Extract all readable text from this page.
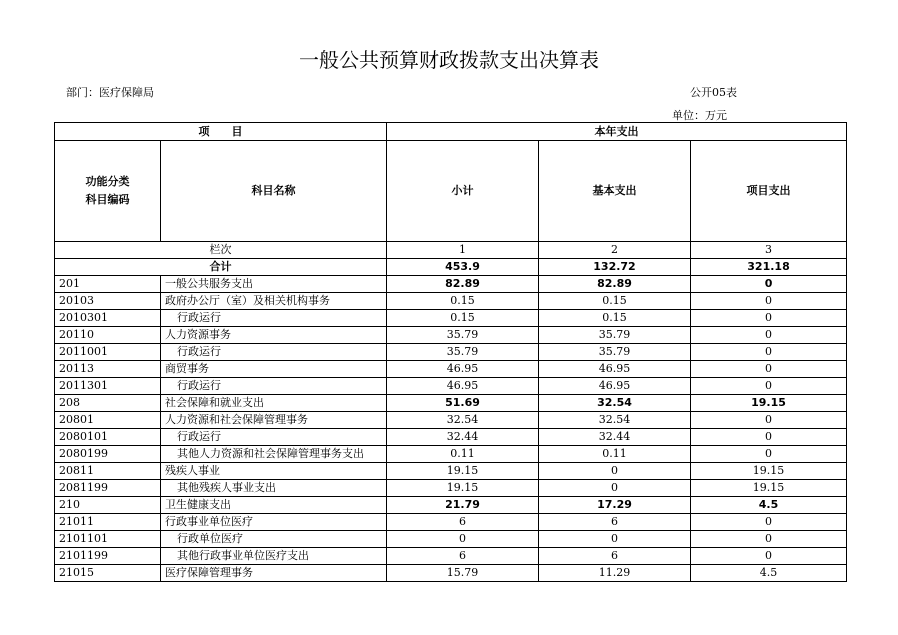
一般公共预算财政拨款支出决算表
部门：医疗保障局	公开05表
单位：万元
项　　目		本年支出		

功能分类
科目编码	科目名称	小计	基本支出	项目支出
栏次		1	2	3
合计		453.9	132.72	321.18
201	一般公共服务支出	82.89	82.89	0
20103	政府办公厅（室）及相关机构事务	0.15	0.15	0
2010301	行政运行	0.15	0.15	0
20110	人力资源事务	35.79	35.79	0
2011001	行政运行	35.79	35.79	0
20113	商贸事务	46.95	46.95	0
2011301	行政运行	46.95	46.95	0
208	社会保障和就业支出	51.69	32.54	19.15
20801	人力资源和社会保障管理事务	32.54	32.54	0
2080101	行政运行	32.44	32.44	0
2080199	其他人力资源和社会保障管理事务支出	0.11	0.11	0
20811	残疾人事业	19.15	0	19.15
2081199	其他残疾人事业支出	19.15	0	19.15
210	卫生健康支出	21.79	17.29	4.5
21011	行政事业单位医疗	6	6	0
2101101	行政单位医疗	0	0	0
2101199	其他行政事业单位医疗支出	6	6	0
21015	医疗保障管理事务	15.79	11.29	4.5
